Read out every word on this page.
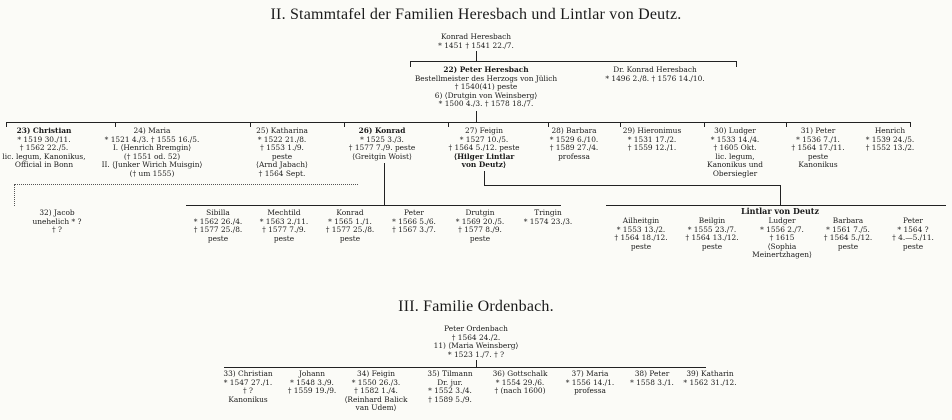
II. Stammtafel der Familien Heresbach und Lintlar von Deutz.
III. Familie Ordenbach.
Konrad Heresbach
* 1451 † 1541 22./7.
22) Peter Heresbach
Bestellmeister des Herzogs von Jülich
† 1540(41) peste
6) ⟨Drutgin von Weinsberg⟩
* 1500 4./3. † 1578 18./7.
Dr. Konrad Heresbach
* 1496 2./8. † 1576 14./10.
23) Christian
* 1519 30./11.
† 1562 22./5.
lic. legum, Kanonikus,
Official in Bonn
24) Maria
* 1521 4./3. † 1555 16./5.
I. ⟨Henrich Bremgin⟩
(† 1551 od. 52)
II. ⟨Junker Wirich Muisgin⟩
(† um 1555)
25) Katharina
* 1522 21./8.
† 1553 1./9.
peste
⟨Arnd Jabach⟩
† 1564 Sept.
26) Konrad
* 1525 3./3.
† 1577 7./9. peste
⟨Greitgin Woist⟩
27) Feigin
* 1527 10./5.
† 1564 5./12. peste
⟨Hilger Lintlar
von Deutz⟩
28) Barbara
* 1529 6./10.
† 1589 27./4.
professa
29) Hieronimus
* 1531 17./2.
† 1559 12./1.
30) Ludger
* 1533 14./4.
† 1605 Okt.
lic. legum,
Kanonikus und
Obersiegler
31) Peter
* 1536 7./1.
† 1564 17./11.
peste
Kanonikus
Henrich
* 1539 24./5.
† 1552 13./2.
32) Jacob
unehelich * ?
† ?
Sibilla
* 1562 26./4.
† 1577 25./8.
peste
Mechtild
* 1563 2./11.
† 1577 7./9.
peste
Konrad
* 1565 1./1.
† 1577 25./8.
peste
Peter
* 1566 5./6.
† 1567 3./7.
Drutgin
* 1569 20./5.
† 1577 8./9.
peste
Tringin
* 1574 23./3.
Lintlar von Deutz
Ailheitgin
* 1553 13./2.
† 1564 18./12.
peste
Beilgin
* 1555 23./7.
† 1564 13./12.
peste
Ludger
* 1556 2./7.
† 1615
⟨Sophia
Meinertzhagen⟩
Barbara
* 1561 7./5.
† 1564 5./12.
peste
Peter
* 1564 ?
† 4.—5./11.
peste
Peter Ordenbach
† 1564 24./2.
11) ⟨Maria Weinsberg⟩
* 1523 1./7. † ?
33) Christian
* 1547 27./1.
† ?
Kanonikus
Johann
* 1548 3./9.
† 1559 19./9.
34) Feigin
* 1550 26./3.
† 1582 1./4.
⟨Reinhard Balick
van Udem⟩
35) Tilmann
Dr. jur.
* 1552 3./4.
† 1589 5./9.
36) Gottschalk
* 1554 29./6.
† (nach 1600)
37) Maria
* 1556 14./1.
professa
38) Peter
* 1558 3./1.
39) Katharin
* 1562 31./12.
